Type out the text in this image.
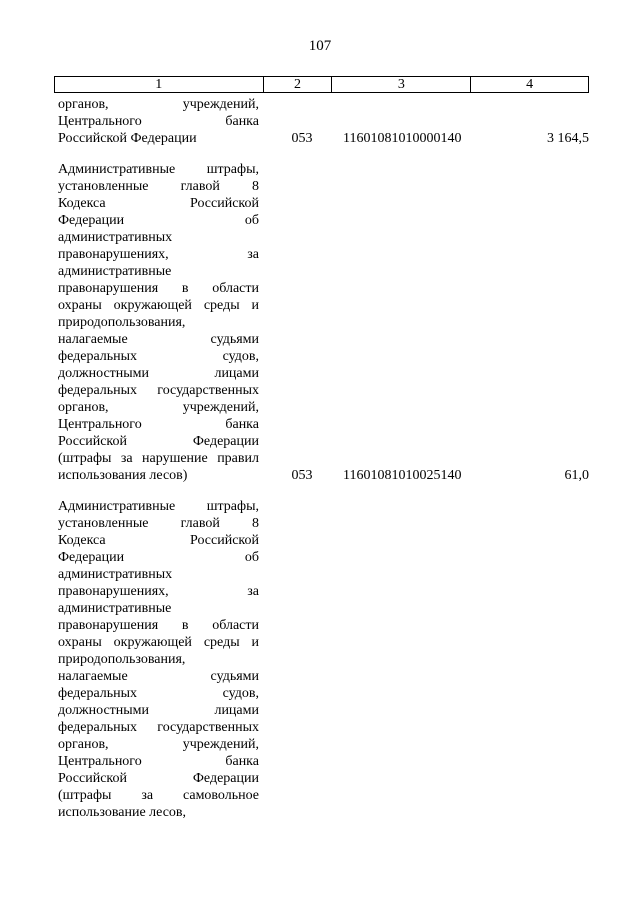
107
1	2	3	4
органов, учреждений,
Центрального банка
Российской Федерации	053	11601081010000140	3 164,5
Административные штрафы,
установленные главой 8
Кодекса Российской
Федерации об
административных
правонарушениях, за
административные
правонарушения в области
охраны окружающей среды и
природопользования,
налагаемые судьями
федеральных судов,
должностными лицами
федеральных государственных
органов, учреждений,
Центрального банка
Российской Федерации
(штрафы за нарушение правил
использования лесов)	053	11601081010025140	61,0
Административные штрафы,
установленные главой 8
Кодекса Российской
Федерации об
административных
правонарушениях, за
административные
правонарушения в области
охраны окружающей среды и
природопользования,
налагаемые судьями
федеральных судов,
должностными лицами
федеральных государственных
органов, учреждений,
Центрального банка
Российской Федерации
(штрафы за самовольное
использование лесов,
